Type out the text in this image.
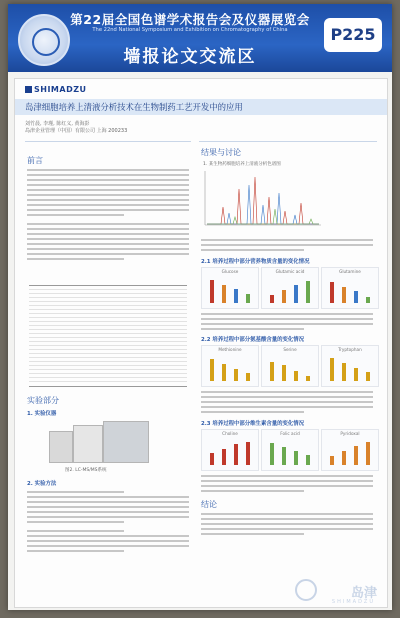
第22届全国色谱学术报告会及仪器展览会
The 22nd National Symposium and Exhibition on Chromatography of China
墙报论文交流区
P225
SHIMADZU
岛津细胞培养上清液分析技术在生物制药工艺开发中的应用
刘竹晨, 李瑾, 陈红义, 黄海彭
岛津企业管理（中国）有限公司 上海 200233
前言
实验部分
1. 实验仪器
图2. LC-MS/MS系统
2. 实验方法
结果与讨论
1. 某生物药细胞培养上清液分析色谱图
2.1 培养过程中部分营养物质含量的变化情况
Glucose	Glutamic acid	Glutamine
2.2 培养过程中部分氨基酸含量的变化情况
Methionine	Serine	Tryptophan
2.3 培养过程中部分维生素含量的变化情况
Choline	Folic acid	Pyridoxal
结论
岛津
SHIMADZU
